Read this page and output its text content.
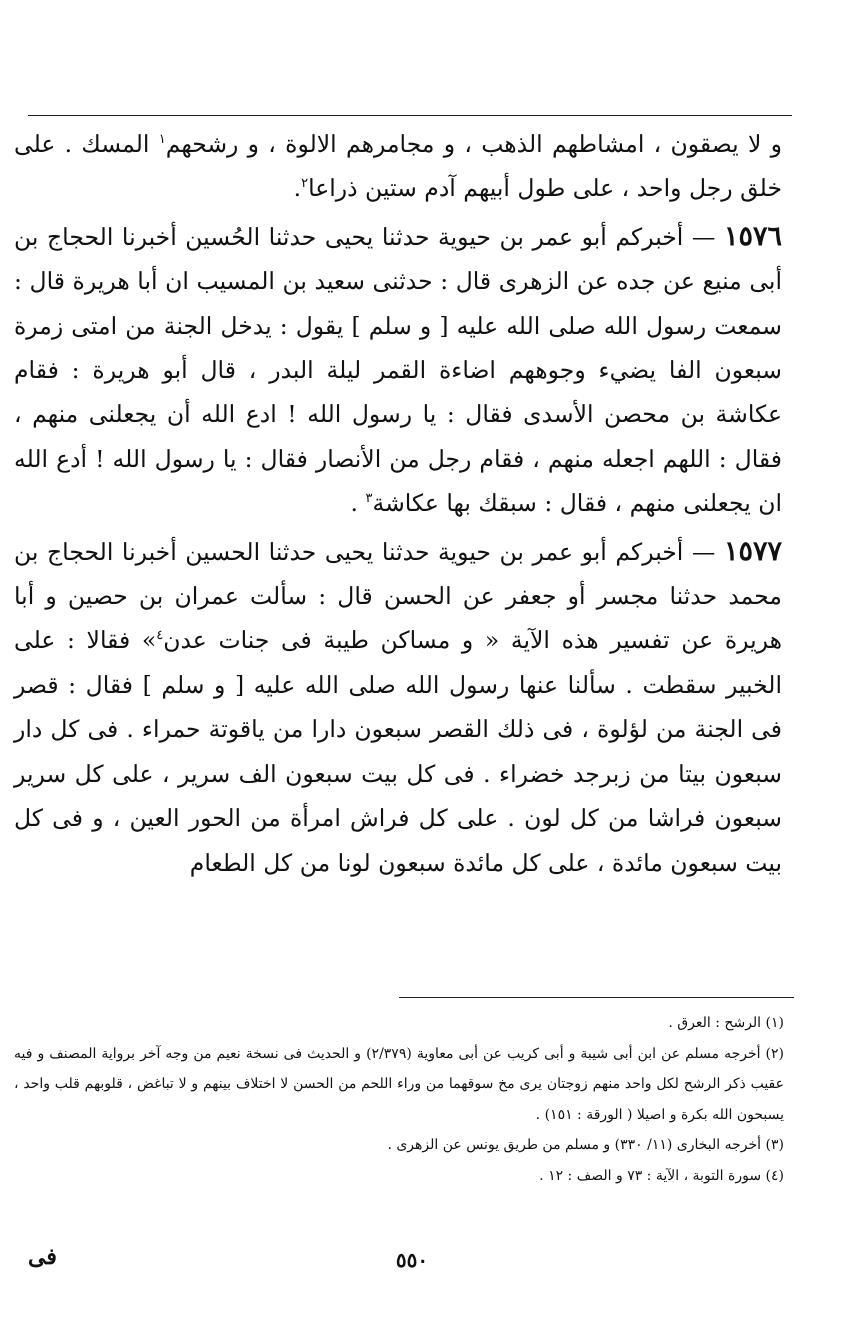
و لا يصقون ، امشاطهم الذهب ، و مجامرهم الالوة ، و رشحهم$^١$ المسك . على خلق رجل واحد ، على طول أبيهم آدم ستين ذراعا$^٢$.

١٥٧٦ — أخبركم أبو عمر بن حيوية حدثنا يحيى حدثنا الحُسين أخبرنا الحجاج بن أبى منيع عن جده عن الزهرى قال : حدثنى سعيد بن المسيب ان أبا هريرة قال : سمعت رسول الله صلى الله عليه [ و سلم ] يقول : يدخل الجنة من امتى زمرة سبعون الفا يضيء وجوههم اضاءة القمر ليلة البدر ، قال أبو هريرة : فقام عكاشة بن محصن الأسدى فقال : يا رسول الله ! ادع الله أن يجعلنى منهم ، فقال : اللهم اجعله منهم ، فقام رجل من الأنصار فقال : يا رسول الله ! أدع الله ان يجعلنى منهم ، فقال : سبقك بها عكاشة$^٣$ .

١٥٧٧ — أخبركم أبو عمر بن حيوية حدثنا يحيى حدثنا الحسين أخبرنا الحجاج بن محمد حدثنا مجسر أو جعفر عن الحسن قال : سألت عمران بن حصين و أبا هريرة عن تفسير هذه الآية « و مساكن طيبة فى جنات عدن$^٤$» فقالا : على الخبير سقطت . سألنا عنها رسول الله صلى الله عليه [ و سلم ] فقال : قصر فى الجنة من لؤلوة ، فى ذلك القصر سبعون دارا من ياقوتة حمراء . فى كل دار سبعون بيتا من زبرجد خضراء . فى كل بيت سبعون الف سرير ، على كل سرير سبعون فراشا من كل لون . على كل فراش امرأة من الحور العين ، و فى كل بيت سبعون مائدة ، على كل مائدة سبعون لونا من كل الطعام

(١) الرشح : العرق .

(٢) أخرجه مسلم عن ابن أبى شيبة و أبى كريب عن أبى معاوية (٢/٣٧٩) و الحديث فى نسخة نعيم من وجه آخر برواية المصنف و فيه عقيب ذكر الرشح لكل واحد منهم زوجتان يرى مخ سوقهما من وراء اللحم من الحسن لا اختلاف بينهم و لا تباغض ، قلوبهم قلب واحد ، يسبحون الله بكرة و اصيلا ( الورقة : ١٥١) .

(٣) أخرجه البخارى (١١/ ٣٣٠) و مسلم من طريق يونس عن الزهرى .

(٤) سورة التوبة ، الآية : ٧٣ و الصف : ١٢ .

٥٥٠
فى
